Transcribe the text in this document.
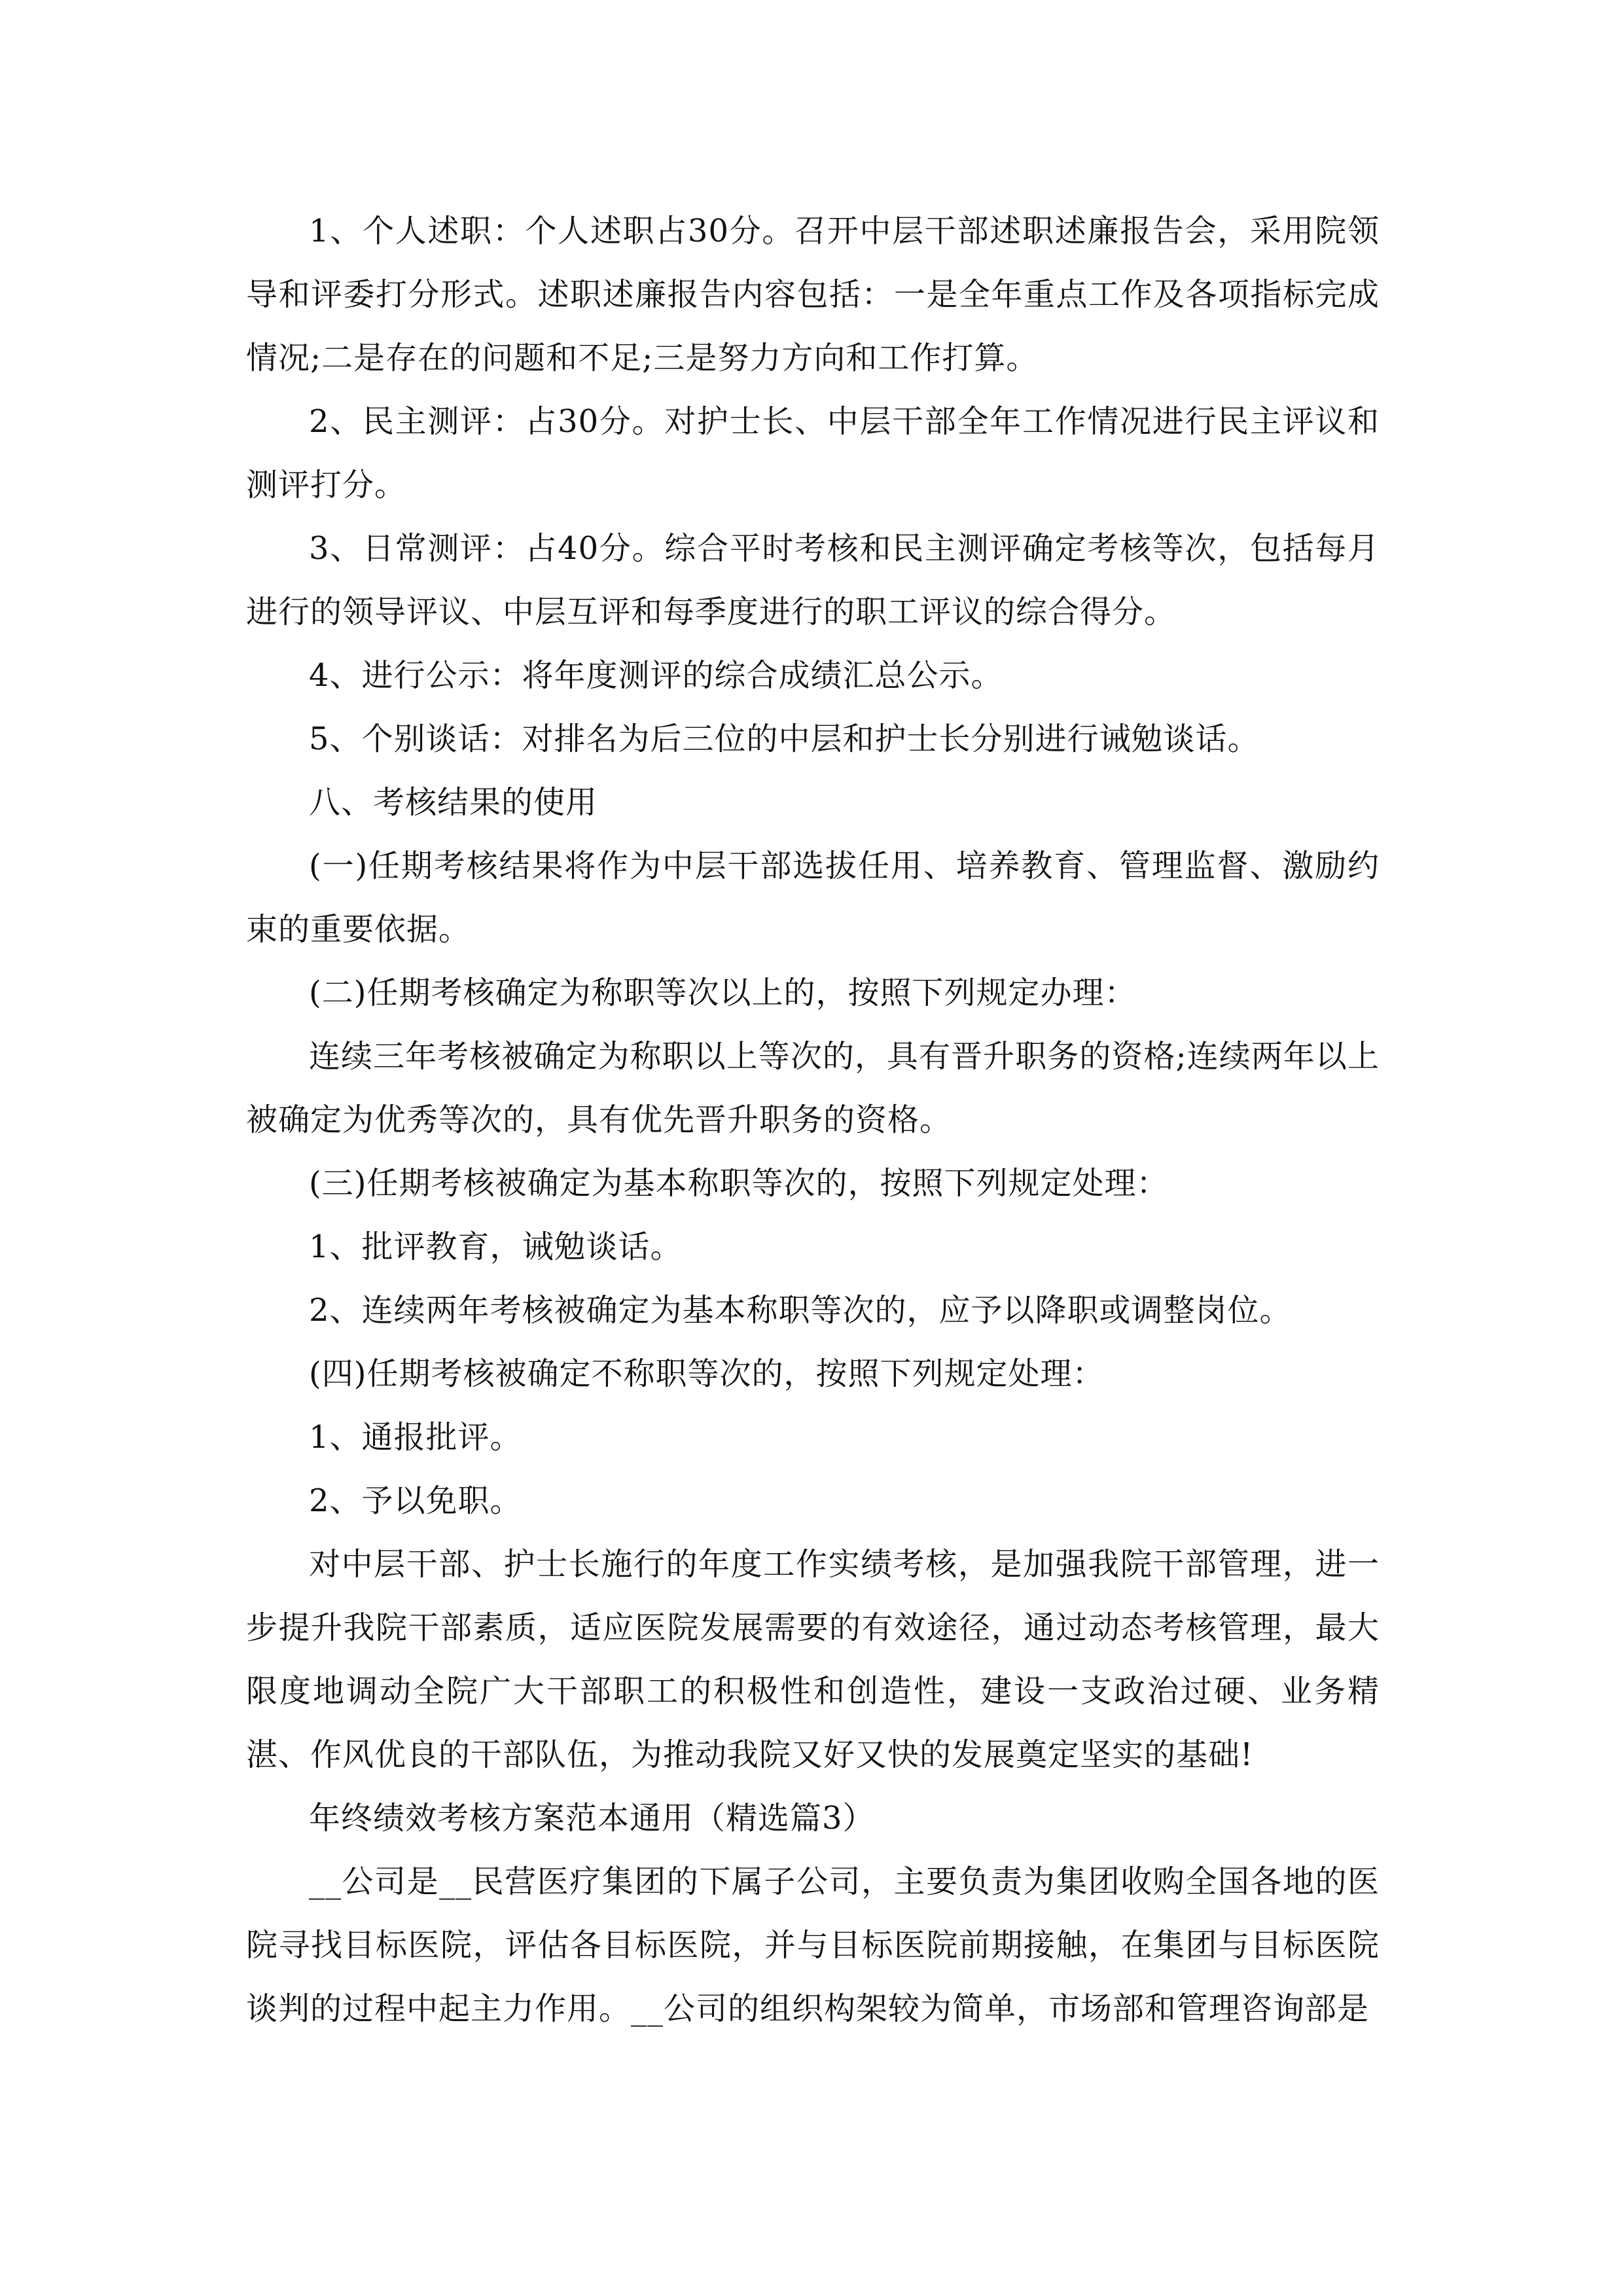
1、个人述职：个人述职占30分。召开中层干部述职述廉报告会，采用院领导和评委打分形式。述职述廉报告内容包括：一是全年重点工作及各项指标完成情况;二是存在的问题和不足;三是努力方向和工作打算。

2、民主测评：占30分。对护士长、中层干部全年工作情况进行民主评议和测评打分。

3、日常测评：占40分。综合平时考核和民主测评确定考核等次，包括每月进行的领导评议、中层互评和每季度进行的职工评议的综合得分。

4、进行公示：将年度测评的综合成绩汇总公示。

5、个别谈话：对排名为后三位的中层和护士长分别进行诫勉谈话。

八、考核结果的使用

(一)任期考核结果将作为中层干部选拔任用、培养教育、管理监督、激励约束的重要依据。

(二)任期考核确定为称职等次以上的，按照下列规定办理：

连续三年考核被确定为称职以上等次的，具有晋升职务的资格;连续两年以上被确定为优秀等次的，具有优先晋升职务的资格。

(三)任期考核被确定为基本称职等次的，按照下列规定处理：

1、批评教育，诫勉谈话。

2、连续两年考核被确定为基本称职等次的，应予以降职或调整岗位。

(四)任期考核被确定不称职等次的，按照下列规定处理：

1、通报批评。

2、予以免职。

对中层干部、护士长施行的年度工作实绩考核，是加强我院干部管理，进一步提升我院干部素质，适应医院发展需要的有效途径，通过动态考核管理，最大限度地调动全院广大干部职工的积极性和创造性，建设一支政治过硬、业务精湛、作风优良的干部队伍，为推动我院又好又快的发展奠定坚实的基础!

年终绩效考核方案范本通用（精选篇3）

__公司是__民营医疗集团的下属子公司，主要负责为集团收购全国各地的医院寻找目标医院，评估各目标医院，并与目标医院前期接触，在集团与目标医院谈判的过程中起主力作用。__公司的组织构架较为简单，市场部和管理咨询部是
